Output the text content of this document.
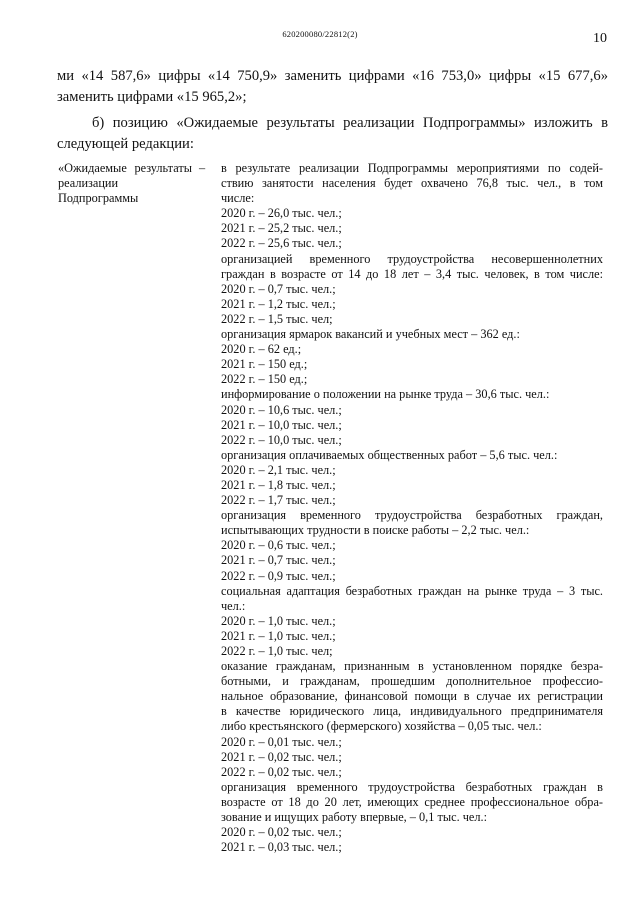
620200080/22812(2)	10

ми «14 587,6» цифры «14 750,9» заменить цифрами «16 753,0» цифры «15 677,6» заменить цифрами «15 965,2»;

б) позицию «Ожидаемые результаты реализации Подпрограммы» изложить в следующей редакции:

«Ожидаемые результаты реализации Подпрограммы
– в результате реализации Подпрограммы мероприятиями по содей-
ствию занятости населения будет охвачено 76,8 тыс. чел., в том
числе:
2020 г. – 26,0 тыс. чел.;
2021 г. – 25,2 тыс. чел.;
2022 г. – 25,6 тыс. чел.;
организацией временного трудоустройства несовершеннолетних
граждан в возрасте от 14 до 18 лет – 3,4 тыс. человек, в том числе:
2020 г. – 0,7 тыс. чел.;
2021 г. – 1,2 тыс. чел.;
2022 г. – 1,5 тыс. чел;
организация ярмарок вакансий и учебных мест – 362 ед.:
2020 г. – 62 ед.;
2021 г. – 150 ед.;
2022 г. – 150 ед.;
информирование о положении на рынке труда – 30,6 тыс. чел.:
2020 г. – 10,6 тыс. чел.;
2021 г. – 10,0 тыс. чел.;
2022 г. – 10,0 тыс. чел.;
организация оплачиваемых общественных работ – 5,6 тыс. чел.:
2020 г. – 2,1 тыс. чел.;
2021 г. – 1,8 тыс. чел.;
2022 г. – 1,7 тыс. чел.;
организация временного трудоустройства безработных граждан,
испытывающих трудности в поиске работы – 2,2 тыс. чел.:
2020 г. – 0,6 тыс. чел.;
2021 г. – 0,7 тыс. чел.;
2022 г. – 0,9 тыс. чел.;
социальная адаптация безработных граждан на рынке труда – 3 тыс.
чел.:
2020 г. – 1,0 тыс. чел.;
2021 г. – 1,0 тыс. чел.;
2022 г. – 1,0 тыс. чел;
оказание гражданам, признанным в установленном порядке безра-
ботными, и гражданам, прошедшим дополнительное профессио-
нальное образование, финансовой помощи в случае их регистрации
в качестве юридического лица, индивидуального предпринимателя
либо крестьянского (фермерского) хозяйства – 0,05 тыс. чел.:
2020 г. – 0,01 тыс. чел.;
2021 г. – 0,02 тыс. чел.;
2022 г. – 0,02 тыс. чел.;
организация временного трудоустройства безработных граждан в
возрасте от 18 до 20 лет, имеющих среднее профессиональное обра-
зование и ищущих работу впервые, – 0,1 тыс. чел.:
2020 г. – 0,02 тыс. чел.;
2021 г. – 0,03 тыс. чел.;
